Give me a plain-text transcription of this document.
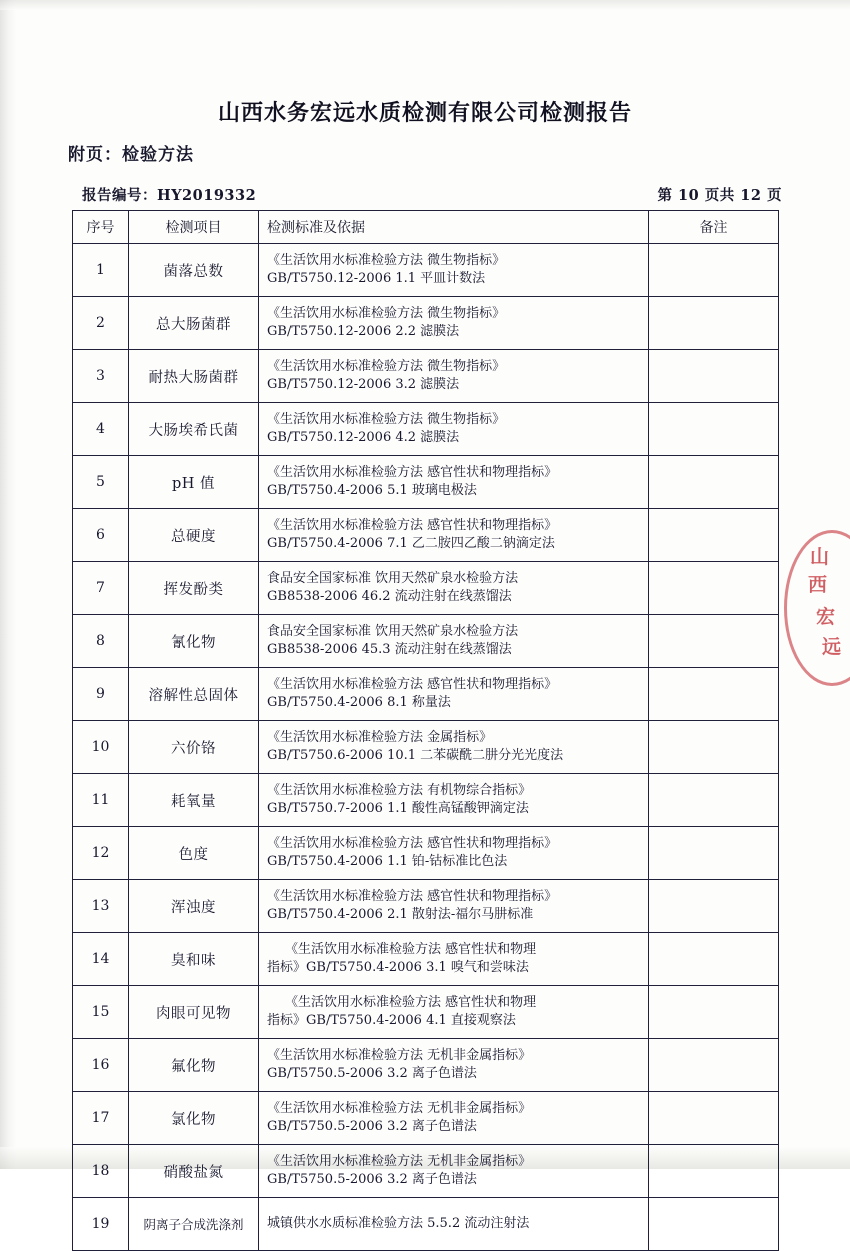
山西水务宏远水质检测有限公司检测报告
附页：检验方法
报告编号：HY2019332	第 10 页共 12 页
序号	检测项目	检测标准及依据	备注
1	菌落总数	《生活饮用水标准检验方法 微生物指标》
GB/T5750.12-2006 1.1 平皿计数法	

2	总大肠菌群	《生活饮用水标准检验方法 微生物指标》
GB/T5750.12-2006 2.2 滤膜法	

3	耐热大肠菌群	《生活饮用水标准检验方法 微生物指标》
GB/T5750.12-2006 3.2 滤膜法	

4	大肠埃希氏菌	《生活饮用水标准检验方法 微生物指标》
GB/T5750.12-2006 4.2 滤膜法	

5	pH 值	《生活饮用水标准检验方法 感官性状和物理指标》
GB/T5750.4-2006 5.1 玻璃电极法	

6	总硬度	《生活饮用水标准检验方法 感官性状和物理指标》
GB/T5750.4-2006 7.1 乙二胺四乙酸二钠滴定法	

7	挥发酚类	食品安全国家标准 饮用天然矿泉水检验方法
GB8538-2006 46.2 流动注射在线蒸馏法	

8	氰化物	食品安全国家标准 饮用天然矿泉水检验方法
GB8538-2006 45.3 流动注射在线蒸馏法	

9	溶解性总固体	《生活饮用水标准检验方法 感官性状和物理指标》
GB/T5750.4-2006 8.1 称量法	

10	六价铬	《生活饮用水标准检验方法 金属指标》
GB/T5750.6-2006 10.1 二苯碳酰二肼分光光度法	

11	耗氧量	《生活饮用水标准检验方法 有机物综合指标》
GB/T5750.7-2006 1.1 酸性高锰酸钾滴定法	

12	色度	《生活饮用水标准检验方法 感官性状和物理指标》
GB/T5750.4-2006 1.1 铂-钴标准比色法	

13	浑浊度	《生活饮用水标准检验方法 感官性状和物理指标》
GB/T5750.4-2006 2.1 散射法-福尔马肼标准	

14	臭和味	《生活饮用水标准检验方法 感官性状和物理
指标》GB/T5750.4-2006 3.1 嗅气和尝味法	

15	肉眼可见物	《生活饮用水标准检验方法 感官性状和物理
指标》GB/T5750.4-2006 4.1 直接观察法	

16	氟化物	《生活饮用水标准检验方法 无机非金属指标》
GB/T5750.5-2006 3.2 离子色谱法	

17	氯化物	《生活饮用水标准检验方法 无机非金属指标》
GB/T5750.5-2006 3.2 离子色谱法	

18	硝酸盐氮	《生活饮用水标准检验方法 无机非金属指标》
GB/T5750.5-2006 3.2 离子色谱法	

19	阴离子合成洗涤剂	城镇供水水质标准检验方法 5.5.2 流动注射法	

山
西
宏
远
